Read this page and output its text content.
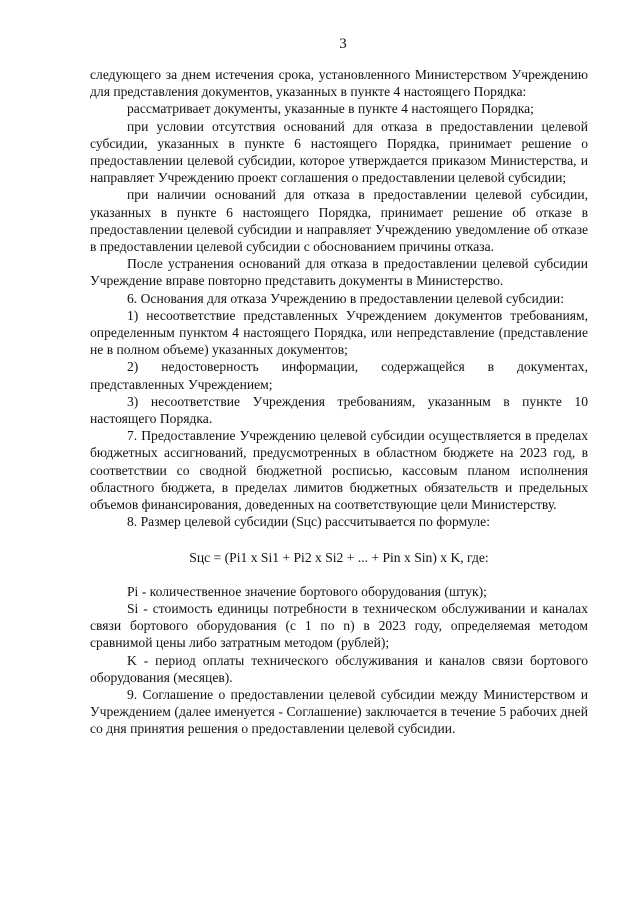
3

следующего за днем истечения срока, установленного Министерством Учреждению для представления документов, указанных в пункте 4 настоящего Порядка:

рассматривает документы, указанные в пункте 4 настоящего Порядка;

при условии отсутствия оснований для отказа в предоставлении целевой субсидии, указанных в пункте 6 настоящего Порядка, принимает решение о предоставлении целевой субсидии, которое утверждается приказом Министерства, и направляет Учреждению проект соглашения о предоставлении целевой субсидии;

при наличии оснований для отказа в предоставлении целевой субсидии, указанных в пункте 6 настоящего Порядка, принимает решение об отказе в предоставлении целевой субсидии и направляет Учреждению уведомление об отказе в предоставлении целевой субсидии с обоснованием причины отказа.

После устранения оснований для отказа в предоставлении целевой субсидии Учреждение вправе повторно представить документы в Министерство.

6. Основания для отказа Учреждению в предоставлении целевой субсидии:

1) несоответствие представленных Учреждением документов требованиям, определенным пунктом 4 настоящего Порядка, или непредставление (представление не в полном объеме) указанных документов;

2) недостоверность информации, содержащейся в документах, представленных Учреждением;

3) несоответствие Учреждения требованиям, указанным в пункте 10 настоящего Порядка.

7. Предоставление Учреждению целевой субсидии осуществляется в пределах бюджетных ассигнований, предусмотренных в областном бюджете на 2023 год, в соответствии со сводной бюджетной росписью, кассовым планом исполнения областного бюджета, в пределах лимитов бюджетных обязательств и предельных объемов финансирования, доведенных на соответствующие цели Министерству.

8. Размер целевой субсидии (Sцс) рассчитывается по формуле:

Sцс = (Pi1 x Si1 + Pi2 x Si2 + ... + Pin x Sin) x K, где:

Pi - количественное значение бортового оборудования (штук);

Si - стоимость единицы потребности в техническом обслуживании и каналах связи бортового оборудования (с 1 по n) в 2023 году, определяемая методом сравнимой цены либо затратным методом (рублей);

K - период оплаты технического обслуживания и каналов связи бортового оборудования (месяцев).

9. Соглашение о предоставлении целевой субсидии между Министерством и Учреждением (далее именуется - Соглашение) заключается в течение 5 рабочих дней со дня принятия решения о предоставлении целевой субсидии.
